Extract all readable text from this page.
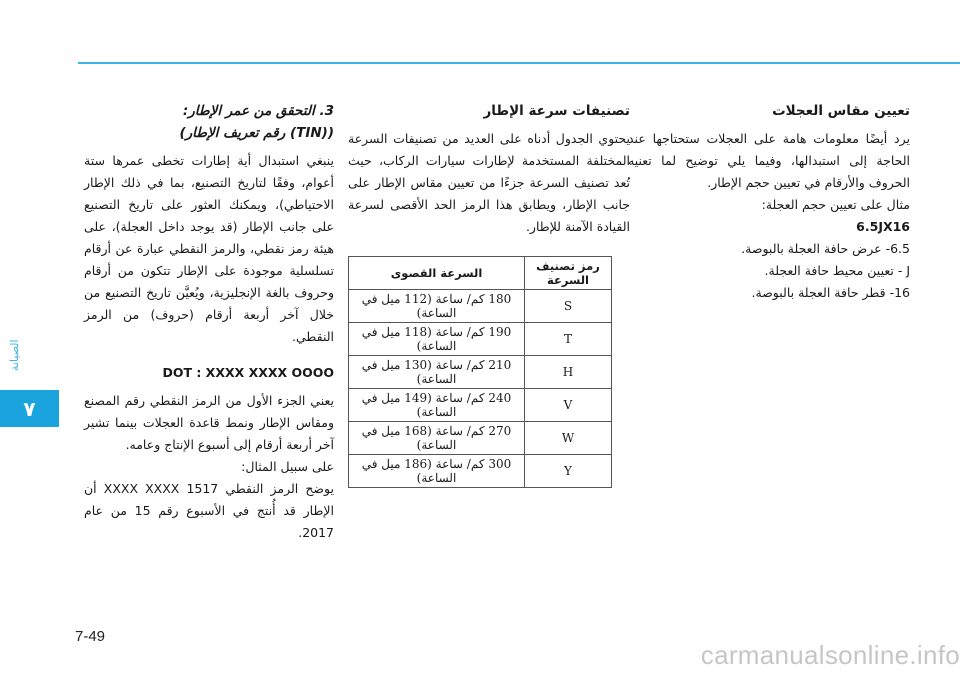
الصيانة
٧

تعيين مقاس العجلات

يرد أيضًا معلومات هامة على العجلات ستحتاجها عند الحاجة إلى استبدالها، وفيما يلي توضيح لما تعنيه الحروف والأرقام في تعيين حجم الإطار.

مثال على تعيين حجم العجلة:

6.5JX16

6.5- عرض حافة العجلة بالبوصة.

J - تعيين محيط حافة العجلة.

16- قطر حافة العجلة بالبوصة.

تصنيفات سرعة الإطار

يحتوي الجدول أدناه على العديد من تصنيفات السرعة المختلفة المستخدمة لإطارات سيارات الركاب، حيث تُعد تصنيف السرعة جزءًا من تعيين مقاس الإطار على جانب الإطار، ويطابق هذا الرمز الحد الأقصى لسرعة القيادة الآمنة للإطار.

رمز تصنيف السرعة	السرعة القصوى
S	180 كم/ ساعة (112 ميل في الساعة)
T	190 كم/ ساعة (118 ميل في الساعة)
H	210 كم/ ساعة (130 ميل في الساعة)
V	240 كم/ ساعة (149 ميل في الساعة)
W	270 كم/ ساعة (168 ميل في الساعة)
Y	300 كم/ ساعة (186 ميل في الساعة)

3. التحقق من عمر الإطار:

((TIN) رقم تعريف الإطار)

ينبغي استبدال أية إطارات تخطى عمرها ستة أعوام، وفقًا لتاريخ التصنيع، بما في ذلك الإطار الاحتياطي)، ويمكنك العثور على تاريخ التصنيع على جانب الإطار (قد يوجد داخل العجلة)، على هيئة رمز نقطي، والرمز النقطي عبارة عن أرقام تسلسلية موجودة على الإطار تتكون من أرقام وحروف بالغة الإنجليزية، ويُعيَّن تاريخ التصنيع من خلال آخر أربعة أرقام (حروف) من الرمز النقطي.

DOT : XXXX XXXX OOOO

يعني الجزء الأول من الرمز النقطي رقم المصنع ومقاس الإطار ونمط قاعدة العجلات بينما تشير آخر أربعة أرقام إلى أسبوع الإنتاج وعامه.

على سبيل المثال:

يوضح الرمز النقطي 1517 XXXX XXXX أن الإطار قد أُنتج في الأسبوع رقم 15 من عام 2017.

7-49
carmanualsonline.info
